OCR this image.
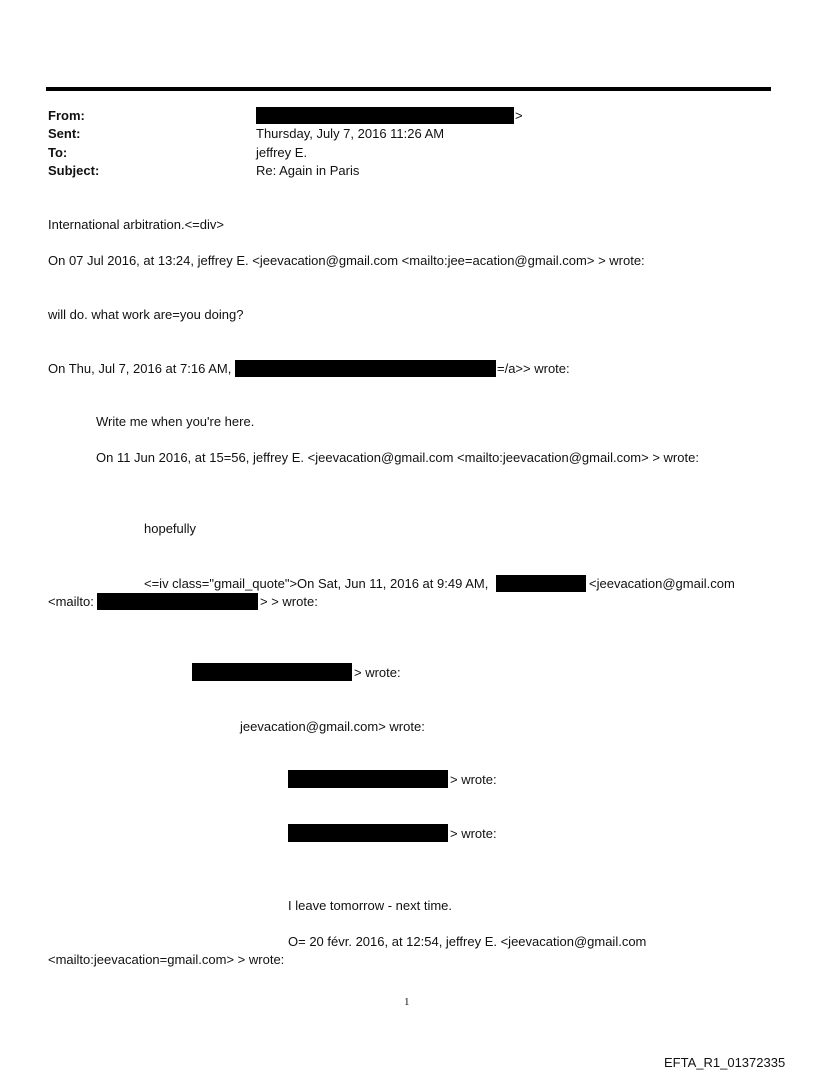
From:	>
Sent:	Thursday, July 7, 2016 11:26 AM
To:	jeffrey E.
Subject:	Re: Again in Paris
International arbitration.<=div>
On 07 Jul 2016, at 13:24, jeffrey E. <jeevacation@gmail.com <mailto:jee=acation@gmail.com> > wrote:
will do. what work are=you doing?
On Thu, Jul 7, 2016 at 7:16 AM,	=/a>> wrote:
Write me when you're here.
On 11 Jun 2016, at 15=56, jeffrey E. <jeevacation@gmail.com <mailto:jeevacation@gmail.com> > wrote:
hopefully
<=iv class="gmail_quote">On Sat, Jun 11, 2016 at 9:49 AM,	<jeevacation@gmail.com
<mailto:	> > wrote:
> wrote:
jeevacation@gmail.com> wrote:
> wrote:
> wrote:
I leave tomorrow - next time.
O= 20 févr. 2016, at 12:54, jeffrey E. <jeevacation@gmail.com
<mailto:jeevacation=gmail.com> > wrote:
1
EFTA_R1_01372335
